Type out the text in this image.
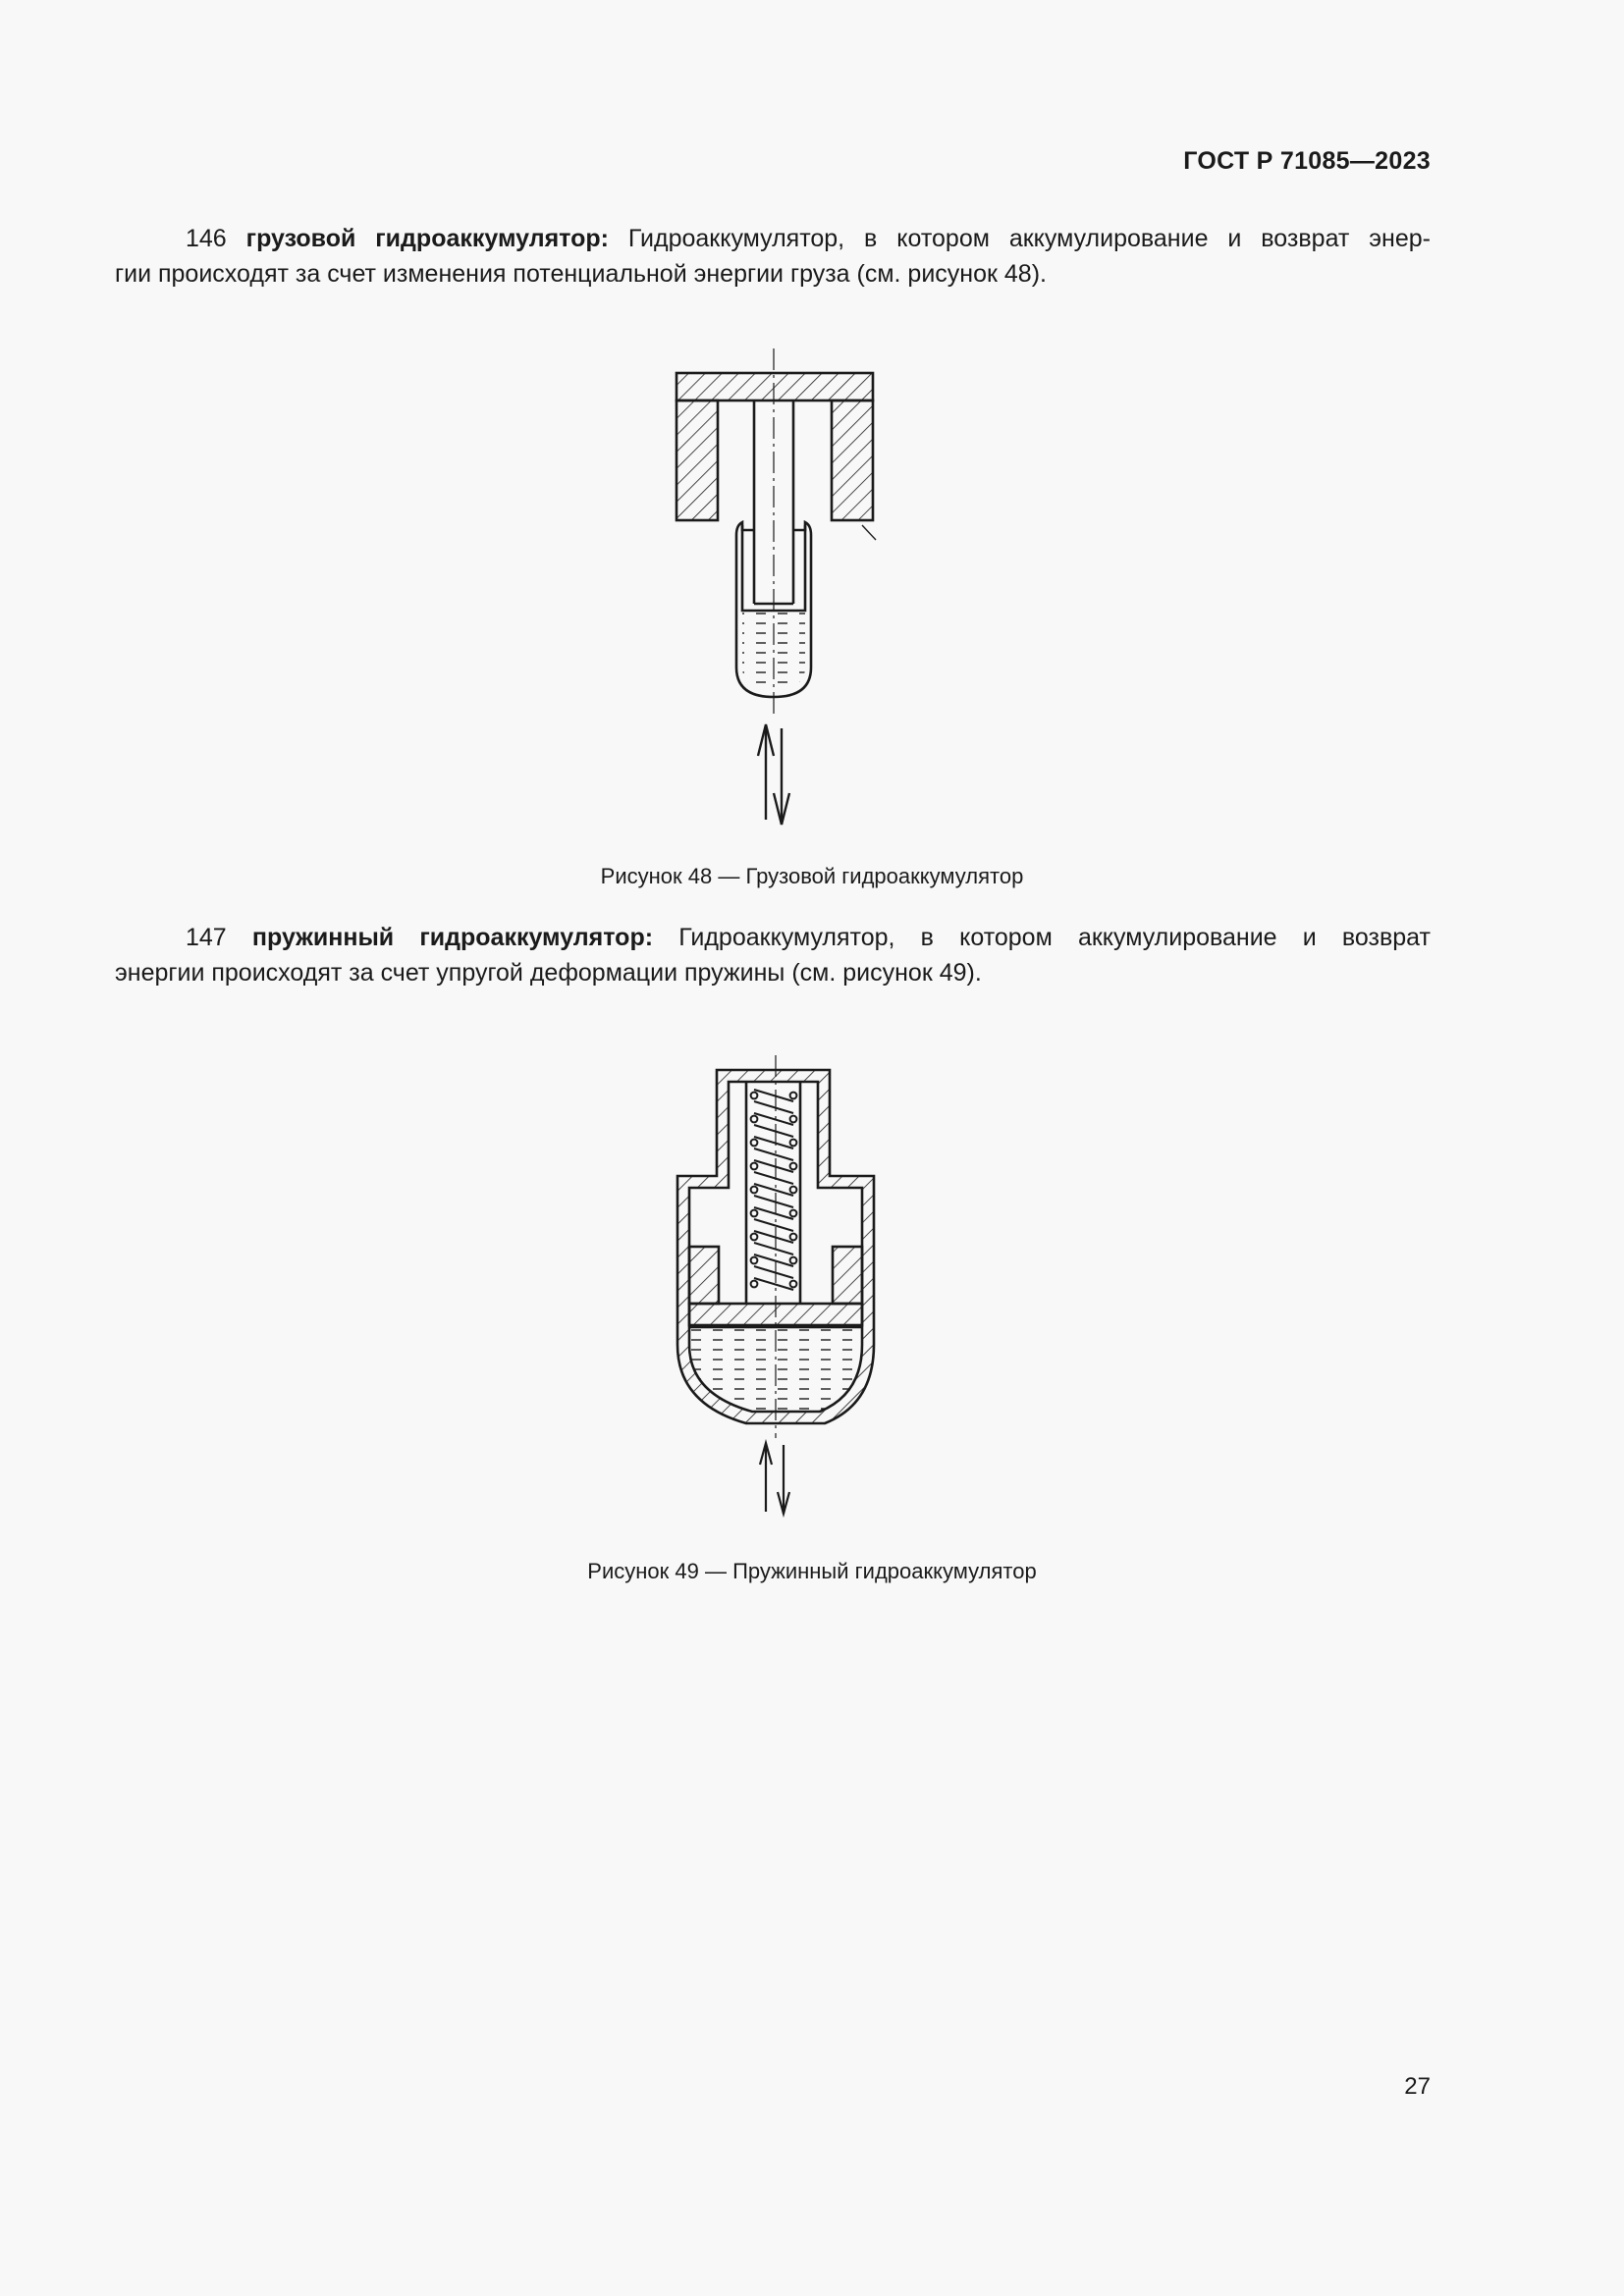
ГОСТ Р 71085—2023
146 грузовой гидроаккумулятор: Гидроаккумулятор, в котором аккумулирование и возврат энер-
гии происходят за счет изменения потенциальной энергии груза (см. рисунок 48).
Рисунок 48 — Грузовой гидроаккумулятор
147 пружинный гидроаккумулятор: Гидроаккумулятор, в котором аккумулирование и возврат
энергии происходят за счет упругой деформации пружины (см. рисунок 49).
Рисунок 49 — Пружинный гидроаккумулятор
27
